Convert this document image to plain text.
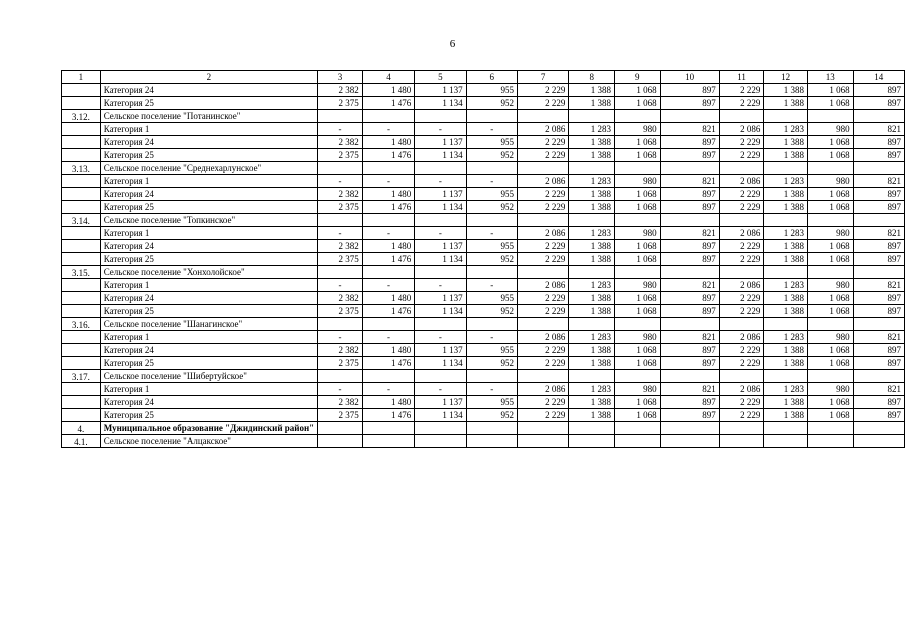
6
1	2	3	4	5	6	7	8	9	10	11	12	13	14
	Категория 24	2 382	1 480	1 137	955	2 229	1 388	1 068	897	2 229	1 388	1 068	897
	Категория 25	2 375	1 476	1 134	952	2 229	1 388	1 068	897	2 229	1 388	1 068	897
3.12.	Сельское поселение "Потанинское"												
	Категория 1	-	-	-	-	2 086	1 283	980	821	2 086	1 283	980	821
	Категория 24	2 382	1 480	1 137	955	2 229	1 388	1 068	897	2 229	1 388	1 068	897
	Категория 25	2 375	1 476	1 134	952	2 229	1 388	1 068	897	2 229	1 388	1 068	897
3.13.	Сельское поселение "Среднехарлунское"												
	Категория 1	-	-	-	-	2 086	1 283	980	821	2 086	1 283	980	821
	Категория 24	2 382	1 480	1 137	955	2 229	1 388	1 068	897	2 229	1 388	1 068	897
	Категория 25	2 375	1 476	1 134	952	2 229	1 388	1 068	897	2 229	1 388	1 068	897
3.14.	Сельское поселение "Топкинское"												
	Категория 1	-	-	-	-	2 086	1 283	980	821	2 086	1 283	980	821
	Категория 24	2 382	1 480	1 137	955	2 229	1 388	1 068	897	2 229	1 388	1 068	897
	Категория 25	2 375	1 476	1 134	952	2 229	1 388	1 068	897	2 229	1 388	1 068	897
3.15.	Сельское поселение "Хонхолойское"												
	Категория 1	-	-	-	-	2 086	1 283	980	821	2 086	1 283	980	821
	Категория 24	2 382	1 480	1 137	955	2 229	1 388	1 068	897	2 229	1 388	1 068	897
	Категория 25	2 375	1 476	1 134	952	2 229	1 388	1 068	897	2 229	1 388	1 068	897
3.16.	Сельское поселение "Шанагинское"												
	Категория 1	-	-	-	-	2 086	1 283	980	821	2 086	1 283	980	821
	Категория 24	2 382	1 480	1 137	955	2 229	1 388	1 068	897	2 229	1 388	1 068	897
	Категория 25	2 375	1 476	1 134	952	2 229	1 388	1 068	897	2 229	1 388	1 068	897
3.17.	Сельское поселение "Шибертуйское"												
	Категория 1	-	-	-	-	2 086	1 283	980	821	2 086	1 283	980	821
	Категория 24	2 382	1 480	1 137	955	2 229	1 388	1 068	897	2 229	1 388	1 068	897
	Категория 25	2 375	1 476	1 134	952	2 229	1 388	1 068	897	2 229	1 388	1 068	897
4.	Муниципальное образование "Джидинский район"												
4.1.	Сельское поселение "Алцакское"												
